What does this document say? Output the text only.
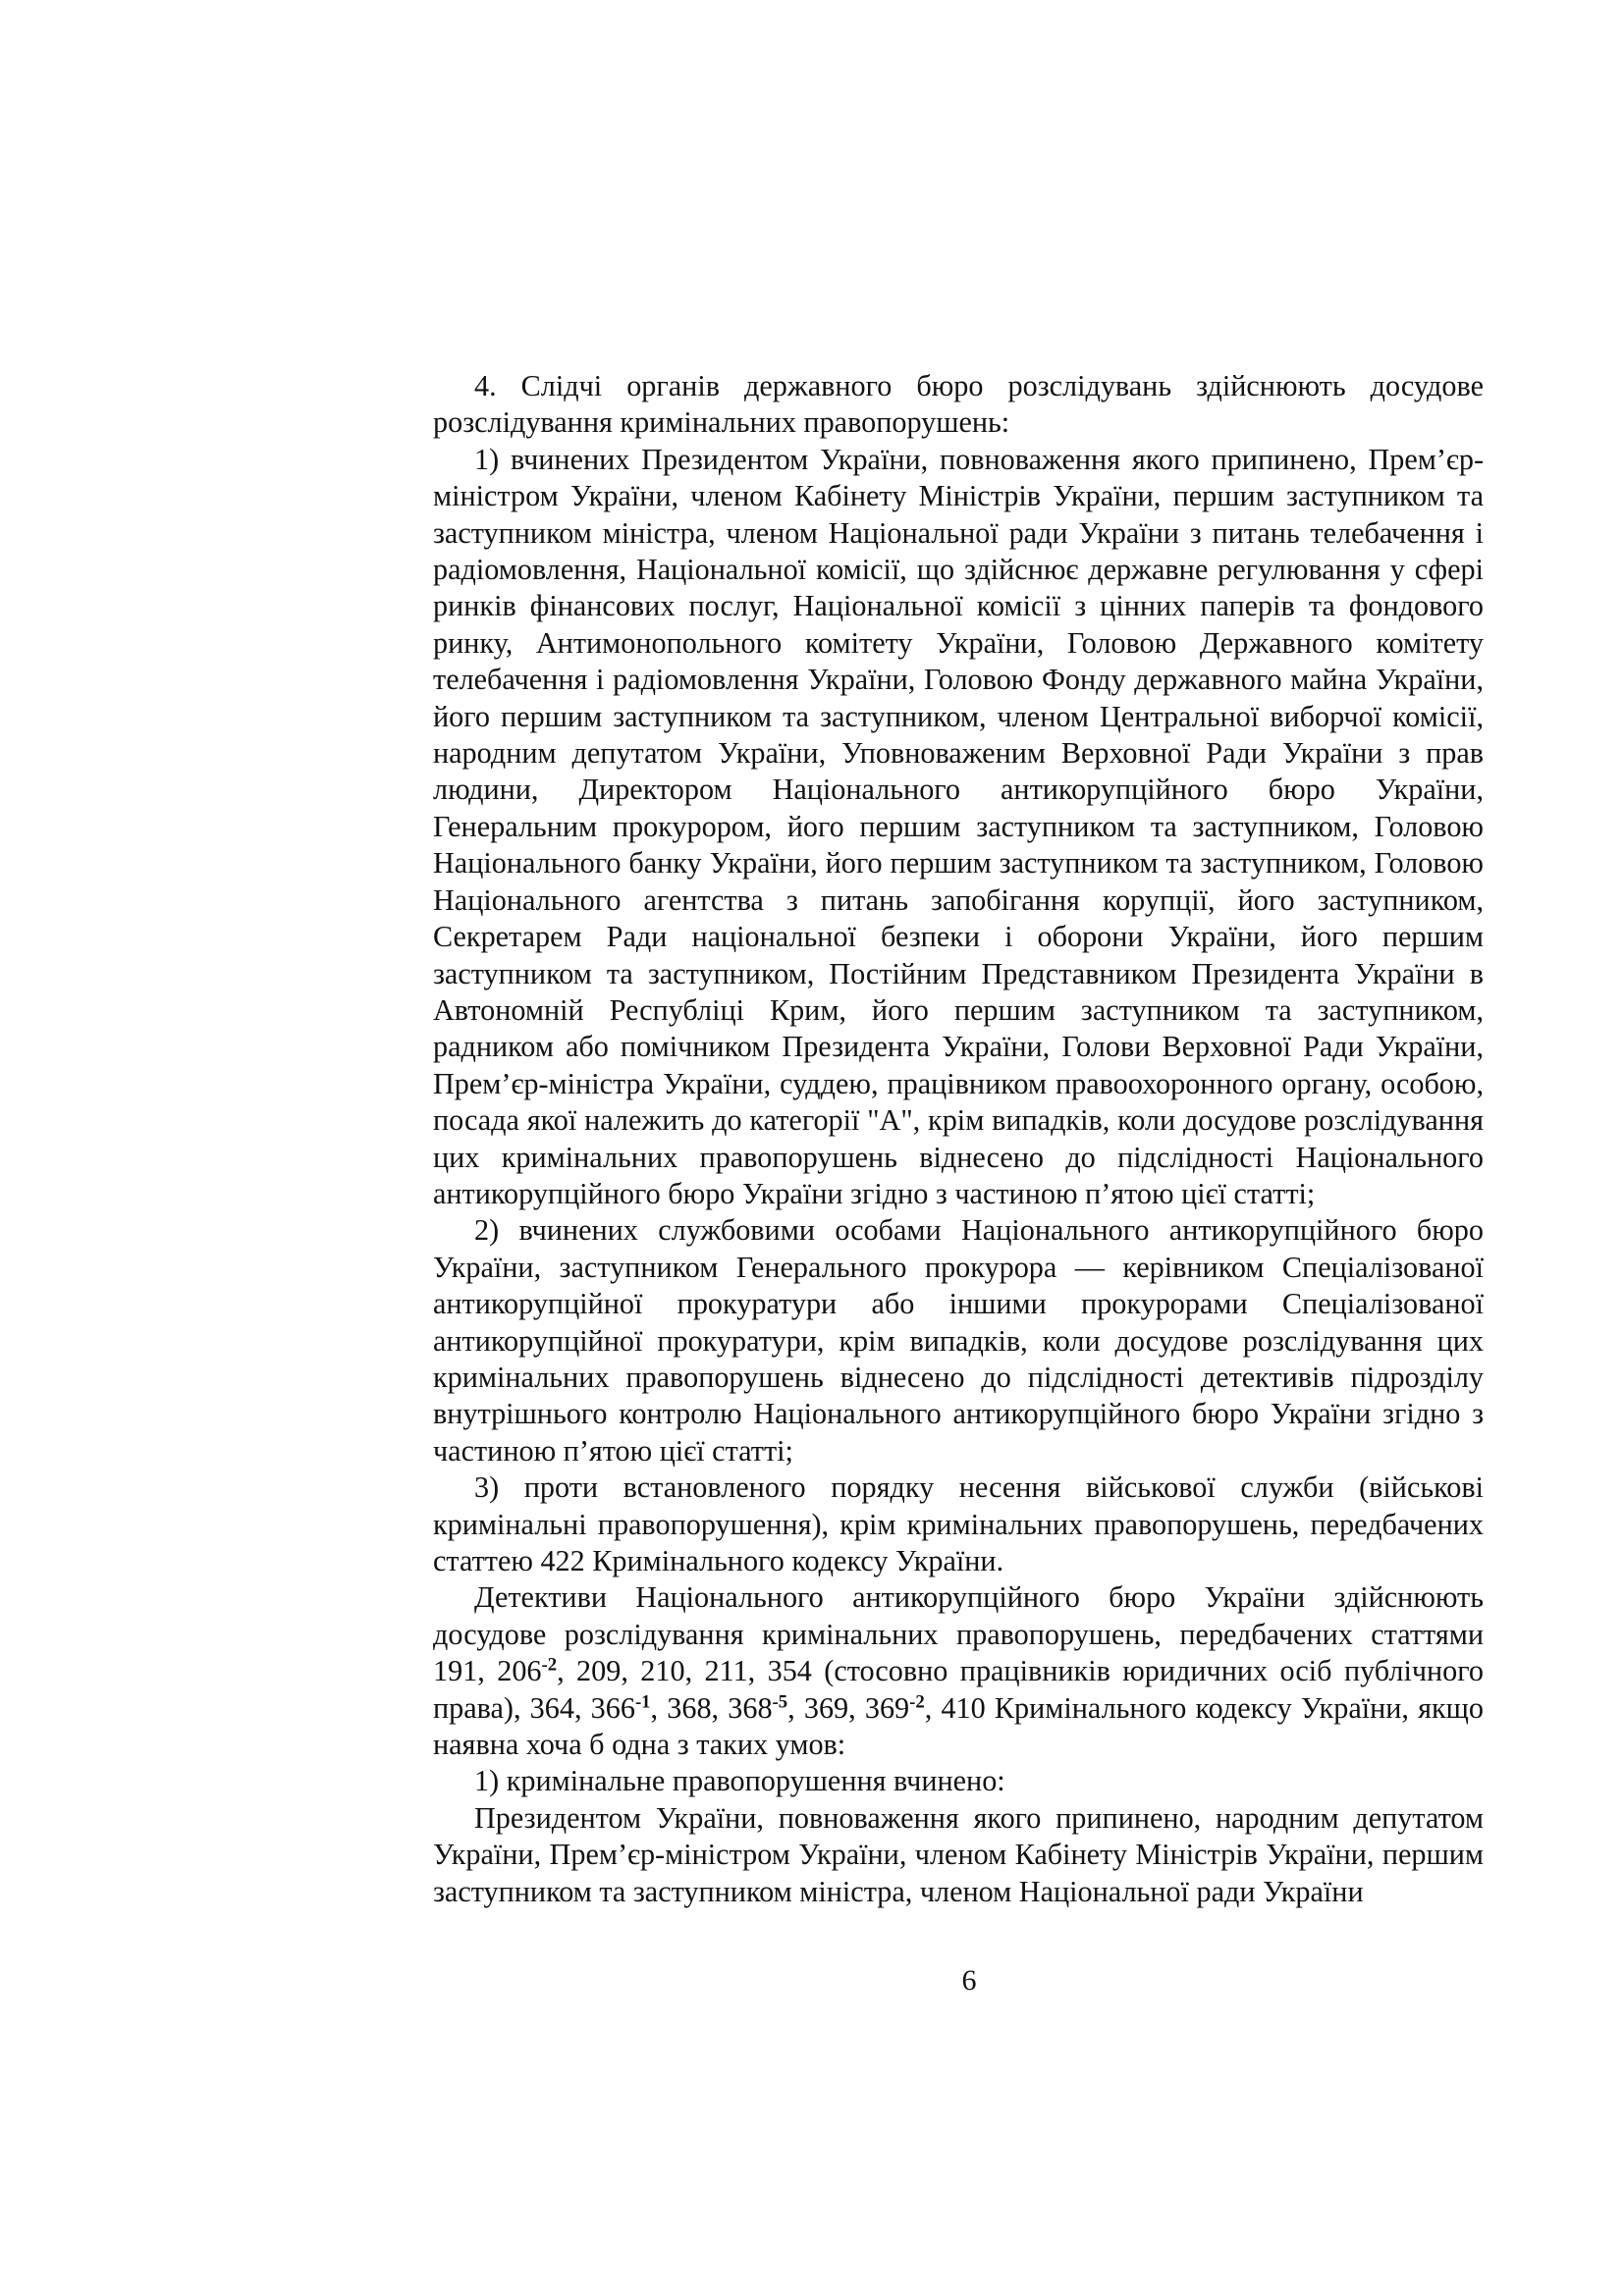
4. Слідчі органів державного бюро розслідувань здійснюють досудове розслідування кримінальних правопорушень:

1) вчинених Президентом України, повноваження якого припинено, Прем’єр-міністром України, членом Кабінету Міністрів України, першим заступником та заступником міністра, членом Національної ради України з питань телебачення і радіомовлення, Національної комісії, що здійснює державне регулювання у сфері ринків фінансових послуг, Національної комісії з цінних паперів та фондового ринку, Антимонопольного комітету України, Головою Державного комітету телебачення і радіомовлення України, Головою Фонду державного майна України, його першим заступником та заступником, членом Центральної виборчої комісії, народним депутатом України, Уповноваженим Верховної Ради України з прав людини, Директором Національного антикорупційного бюро України, Генеральним прокурором, його першим заступником та заступником, Головою Національного банку України, його першим заступником та заступником, Головою Національного агентства з питань запобігання корупції, його заступником, Секретарем Ради національної безпеки і оборони України, його першим заступником та заступником, Постійним Представником Президента України в Автономній Республіці Крим, його першим заступником та заступником, радником або помічником Президента України, Голови Верховної Ради України, Прем’єр-міністра України, суддею, працівником правоохоронного органу, особою, посада якої належить до категорії "А", крім випадків, коли досудове розслідування цих кримінальних правопорушень віднесено до підслідності Національного антикорупційного бюро України згідно з частиною п’ятою цієї статті;

2) вчинених службовими особами Національного антикорупційного бюро України, заступником Генерального прокурора — керівником Спеціалізованої антикорупційної прокуратури або іншими прокурорами Спеціалізованої антикорупційної прокуратури, крім випадків, коли досудове розслідування цих кримінальних правопорушень віднесено до підслідності детективів підрозділу внутрішнього контролю Національного антикорупційного бюро України згідно з частиною п’ятою цієї статті;

3) проти встановленого порядку несення військової служби (військові кримінальні правопорушення), крім кримінальних правопорушень, передбачених статтею 422 Кримінального кодексу України.

Детективи Національного антикорупційного бюро України здійснюють досудове розслідування кримінальних правопорушень, передбачених статтями 191, $206^{-2}$, 209, 210, 211, 354 (стосовно працівників юридичних осіб публічного права), 364, $366^{-1}$, 368, $368^{-5}$, 369, $369^{-2}$, 410 Кримінального кодексу України, якщо наявна хоча б одна з таких умов:

1) кримінальне правопорушення вчинено:

Президентом України, повноваження якого припинено, народним депутатом України, Прем’єр-міністром України, членом Кабінету Міністрів України, першим заступником та заступником міністра, членом Національної ради України

6
